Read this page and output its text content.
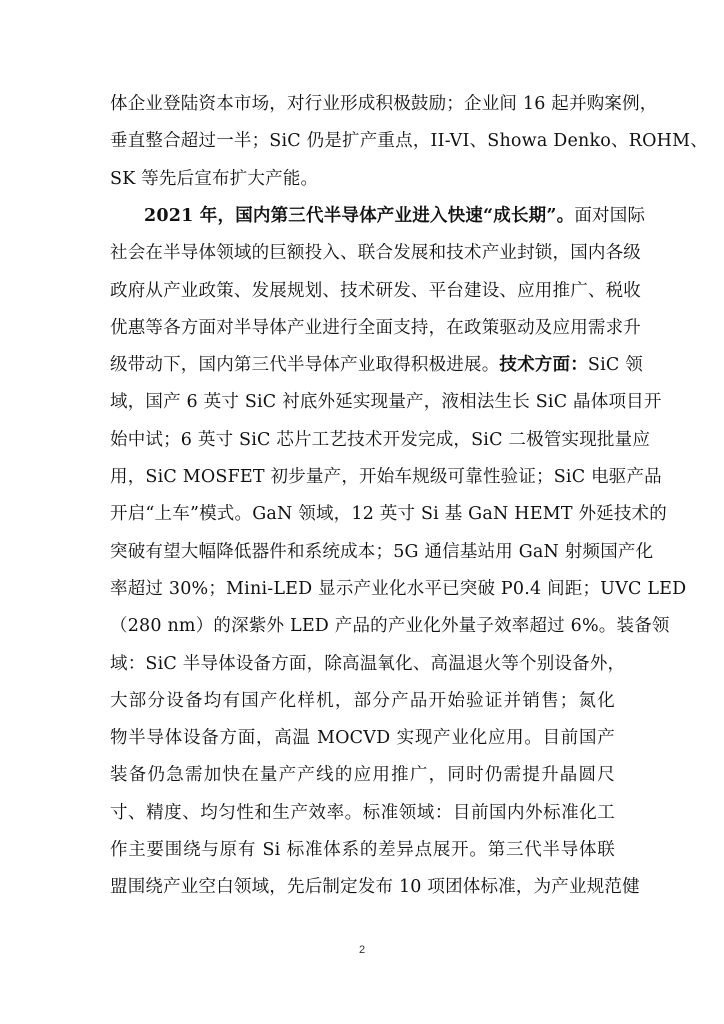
体企业登陆资本市场，对行业形成积极鼓励；企业间 16 起并购案例，
垂直整合超过一半；SiC 仍是扩产重点，II-VI、Showa Denko、ROHM、
SK 等先后宣布扩大产能。
2021 年，国内第三代半导体产业进入快速“成长期”。面对国际
社会在半导体领域的巨额投入、联合发展和技术产业封锁，国内各级
政府从产业政策、发展规划、技术研发、平台建设、应用推广、税收
优惠等各方面对半导体产业进行全面支持，在政策驱动及应用需求升
级带动下，国内第三代半导体产业取得积极进展。技术方面：SiC 领
域，国产 6 英寸 SiC 衬底外延实现量产，液相法生长 SiC 晶体项目开
始中试；6 英寸 SiC 芯片工艺技术开发完成，SiC 二极管实现批量应
用，SiC MOSFET 初步量产，开始车规级可靠性验证；SiC 电驱产品
开启“上车”模式。GaN 领域，12 英寸 Si 基 GaN HEMT 外延技术的
突破有望大幅降低器件和系统成本；5G 通信基站用 GaN 射频国产化
率超过 30%；Mini-LED 显示产业化水平已突破 P0.4 间距；UVC LED
（280 nm）的深紫外 LED 产品的产业化外量子效率超过 6%。装备领
域：SiC 半导体设备方面，除高温氧化、高温退火等个别设备外，
大部分设备均有国产化样机，部分产品开始验证并销售；氮化
物半导体设备方面，高温 MOCVD 实现产业化应用。目前国产
装备仍急需加快在量产产线的应用推广，同时仍需提升晶圆尺
寸、精度、均匀性和生产效率。标准领域：目前国内外标准化工
作主要围绕与原有 Si 标准体系的差异点展开。第三代半导体联
盟围绕产业空白领域，先后制定发布 10 项团体标准，为产业规范健
2
